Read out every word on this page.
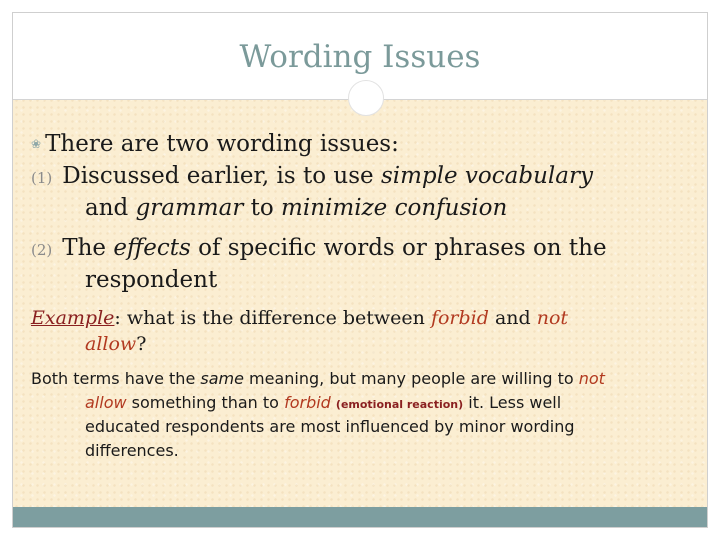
Wording Issues
❀ There are two wording issues:
(1) Discussed earlier, is to use simple vocabulary
and grammar to minimize confusion
(2) The effects of specific words or phrases on the
respondent
Example: what is the difference between forbid and not
allow?
Both terms have the same meaning, but many people are willing to not
allow something than to forbid (emotional reaction) it. Less well
educated respondents are most influenced by minor wording
differences.
